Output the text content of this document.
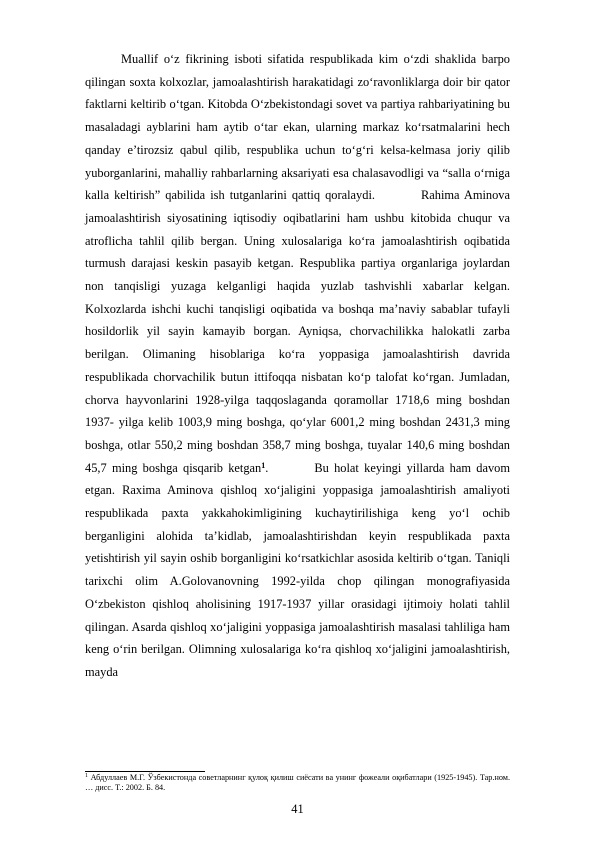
Muallif o‘z fikrining isboti sifatida respublikada kim o‘zdi shaklida barpo qilingan soxta kolxozlar, jamoalashtirish harakatidagi zo‘ravonliklarga doir bir qator faktlarni keltirib o‘tgan. Kitobda O‘zbekistondagi sovet va partiya rahbariyatining bu masaladagi ayblarini ham aytib o‘tar ekan, ularning markaz ko‘rsatmalarini hech qanday e’tirozsiz qabul qilib, respublika uchun to‘g‘ri kelsa-kelmasa joriy qilib yuborganlarini, mahalliy rahbarlarning aksariyati esa chalasavodligi va “salla o‘rniga kalla keltirish” qabilida ish tutganlarini qattiq qoralaydi.	Rahima Aminova jamoalashtirish siyosatining iqtisodiy oqibatlarini ham ushbu kitobida chuqur va atroflicha tahlil qilib bergan. Uning xulosalariga ko‘ra jamoalashtirish oqibatida turmush darajasi keskin pasayib ketgan. Respublika partiya organlariga joylardan non tanqisligi yuzaga kelganligi haqida yuzlab tashvishli xabarlar kelgan. Kolxozlarda ishchi kuchi tanqisligi oqibatida va boshqa ma’naviy sabablar tufayli hosildorlik yil sayin kamayib borgan. Ayniqsa, chorvachilikka halokatli zarba berilgan. Olimaning hisoblariga ko‘ra yoppasiga jamoalashtirish davrida respublikada chorvachilik butun ittifoqqa nisbatan ko‘p talofat ko‘rgan. Jumladan, chorva hayvonlarini 1928-yilga taqqoslaganda qoramollar 1718,6 ming boshdan 1937- yilga kelib 1003,9 ming boshga, qo‘ylar 6001,2 ming boshdan 2431,3 ming boshga, otlar 550,2 ming boshdan 358,7 ming boshga, tuyalar 140,6 ming boshdan 45,7 ming boshga qisqarib ketgan$^1$.	Bu holat keyingi yillarda ham davom etgan. Raxima Aminova qishloq xo‘jaligini yoppasiga jamoalashtirish amaliyoti respublikada paxta yakkahokimligining kuchaytirilishiga keng yo‘l ochib berganligini alohida ta’kidlab, jamoalashtirishdan keyin respublikada paxta yetishtirish yil sayin oshib borganligini ko‘rsatkichlar asosida keltirib o‘tgan. Taniqli tarixchi olim A.Golovanovning 1992-yilda chop qilingan monografiyasida O‘zbekiston qishloq aholisining 1917-1937 yillar orasidagi ijtimoiy holati tahlil qilingan. Asarda qishloq xo‘jaligini yoppasiga jamoalashtirish masalasi tahliliga ham keng o‘rin berilgan. Olimning xulosalariga ko‘ra qishloq xo‘jaligini jamoalashtirish, mayda

$^1$ Абдуллаев М.Г. Ўзбекистонда советларнинг қулоқ қилиш сиёсати ва унинг фожеали оқибатлари (1925-1945). Тар.ном. … дисс. Т.: 2002. Б. 84.

41
